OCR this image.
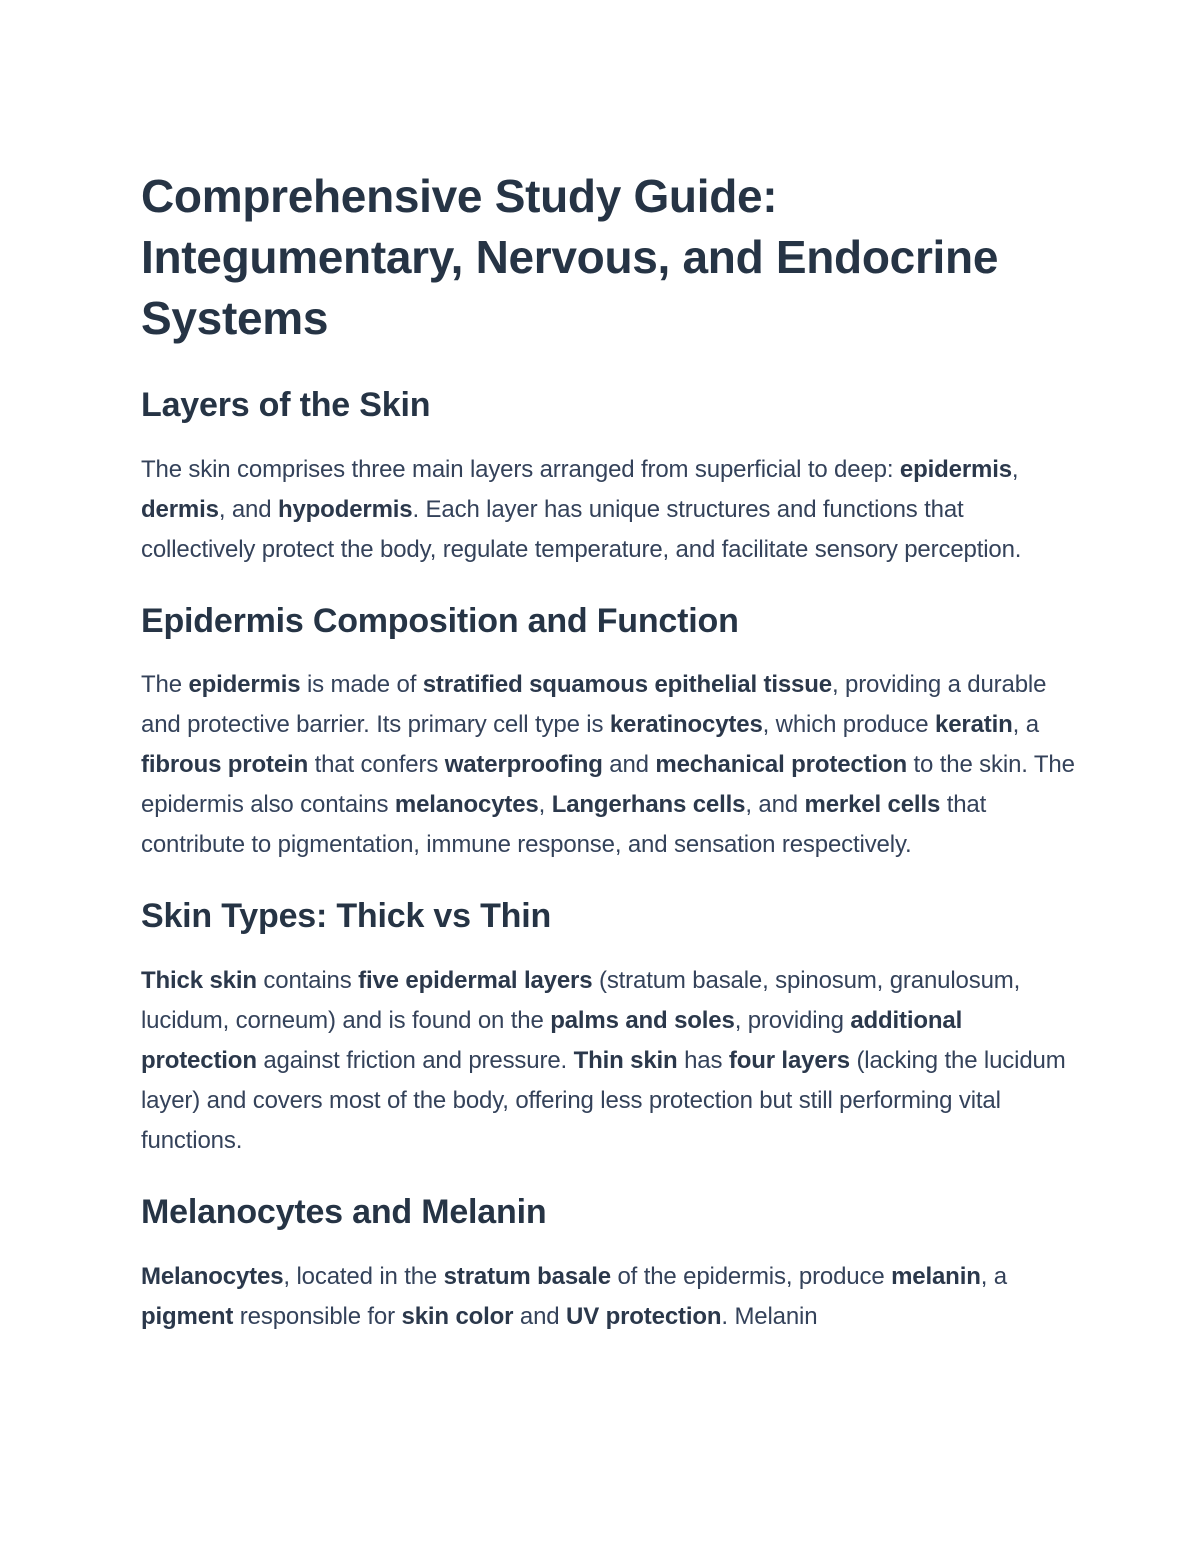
Comprehensive Study Guide: Integumentary, Nervous, and Endocrine Systems
Layers of the Skin

The skin comprises three main layers arranged from superficial to deep: epidermis, dermis, and hypodermis. Each layer has unique structures and functions that collectively protect the body, regulate temperature, and facilitate sensory perception.

Epidermis Composition and Function

The epidermis is made of stratified squamous epithelial tissue, providing a durable and protective barrier. Its primary cell type is keratinocytes, which produce keratin, a fibrous protein that confers waterproofing and mechanical protection to the skin. The epidermis also contains melanocytes, Langerhans cells, and merkel cells that contribute to pigmentation, immune response, and sensation respectively.

Skin Types: Thick vs Thin

Thick skin contains five epidermal layers (stratum basale, spinosum, granulosum, lucidum, corneum) and is found on the palms and soles, providing additional protection against friction and pressure. Thin skin has four layers (lacking the lucidum layer) and covers most of the body, offering less protection but still performing vital functions.

Melanocytes and Melanin

Melanocytes, located in the stratum basale of the epidermis, produce melanin, a pigment responsible for skin color and UV protection. Melanin
